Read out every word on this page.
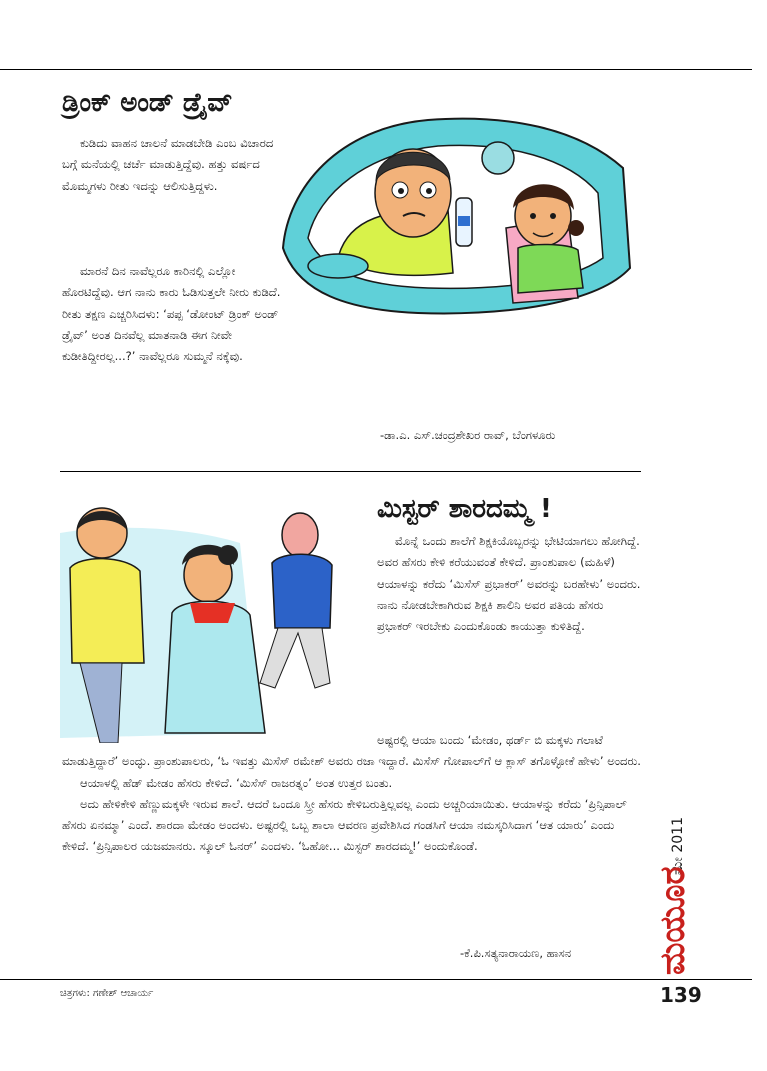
ಡ್ರಿಂಕ್ ಅಂಡ್ ಡ್ರೈವ್

ಕುಡಿದು ವಾಹನ ಚಾಲನೆ ಮಾಡಬೇಡಿ ಎಂಬ ವಿಚಾರದ ಬಗ್ಗೆ ಮನೆಯಲ್ಲಿ ಚರ್ಚೆ ಮಾಡುತ್ತಿದ್ದೆವು. ಹತ್ತು ವರ್ಷದ ಮೊಮ್ಮಗಳು ರೀತು ಇದನ್ನು ಆಲಿಸುತ್ತಿದ್ದಳು.

ಮಾರನೆ ದಿನ ನಾವೆಲ್ಲರೂ ಕಾರಿನಲ್ಲಿ ಎಲ್ಲೋ ಹೊರಟಿದ್ದೆವು. ಆಗ ನಾನು ಕಾರು ಓಡಿಸುತ್ತಲೇ ನೀರು ಕುಡಿದೆ. ರೀತು ತಕ್ಷಣ ಎಚ್ಚರಿಸಿದಳು: ‘ಪಪ್ಪ ‘ಡೋಂಟ್ ಡ್ರಿಂಕ್ ಅಂಡ್ ಡ್ರೈವ್’ ಅಂತ ದಿನವೆಲ್ಲ ಮಾತನಾಡಿ ಈಗ ನೀವೇ ಕುಡೀತಿದ್ದೀರಲ್ಲ...?’ ನಾವೆಲ್ಲರೂ ಸುಮ್ಮನೆ ನಕ್ಕೆವು.

-ಡಾ.ಎ. ಎಸ್.ಚಂದ್ರಶೇಖರ ರಾವ್, ಬೆಂಗಳೂರು
ಮಿಸ್ಟರ್ ಶಾರದಮ್ಮ !

ಮೊನ್ನೆ ಒಂದು ಶಾಲೆಗೆ ಶಿಕ್ಷಕಿಯೊಬ್ಬರನ್ನು ಭೇಟಿಯಾಗಲು ಹೋಗಿದ್ದೆ. ಅವರ ಹೆಸರು ಕೇಳಿ ಕರೆಯುವಂತೆ ಕೇಳಿದೆ. ಪ್ರಾಂಶುಪಾಲ (ಮಹಿಳೆ) ಆಯಾಳನ್ನು ಕರೆದು ‘ಮಿಸೆಸ್ ಪ್ರಭಾಕರ್’ ಅವರನ್ನು ಬರಹೇಳು’ ಅಂದರು. ನಾನು ನೋಡಬೇಕಾಗಿರುವ ಶಿಕ್ಷಕಿ ಶಾಲಿನಿ ಅವರ ಪತಿಯ ಹೆಸರು ಪ್ರಭಾಕರ್ ಇರಬೇಕು ಎಂದುಕೊಂಡು ಕಾಯುತ್ತಾ ಕುಳಿತಿದ್ದೆ.

ಅಷ್ಟರಲ್ಲಿ ಆಯಾ ಬಂದು ‘ಮೇಡಂ, ಥರ್ಡ್ ಬಿ ಮಕ್ಕಳು ಗಲಾಟೆ ಮಾಡುತ್ತಿದ್ದಾರೆ’ ಅಂದ್ಳು. ಪ್ರಾಂಶುಪಾಲರು, ‘ಓ ಇವತ್ತು ಮಿಸೆಸ್ ರಮೇಶ್ ಅವರು ರಜಾ ಇದ್ದಾರೆ. ಮಿಸೆಸ್ ಗೋಪಾಲ್‌ಗೆ ಆ ಕ್ಲಾಸ್ ತಗೊಳ್ಳೋಕೆ ಹೇಳು’ ಅಂದರು.

ಆಯಾಳಲ್ಲಿ ಹೆಡ್ ಮೇಡಂ ಹೆಸರು ಕೇಳಿದೆ. ‘ಮಿಸೆಸ್ ರಾಜರತ್ನಂ’ ಅಂತ ಉತ್ತರ ಬಂತು.

ಅದು ಹೇಳಿಕೇಳಿ ಹೆಣ್ಣುಮಕ್ಕಳೇ ಇರುವ ಶಾಲೆ. ಆದರೆ ಒಂದೂ ಸ್ತ್ರೀ ಹೆಸರು ಕೇಳಿಬರುತ್ತಿಲ್ಲವಲ್ಲ ಎಂದು ಅಚ್ಚರಿಯಾಯಿತು. ಆಯಾಳನ್ನು ಕರೆದು ‘ಪ್ರಿನ್ಸಿಪಾಲ್ ಹೆಸರು ಏನಮ್ಮಾ’ ಎಂದೆ. ಶಾರದಾ ಮೇಡಂ ಅಂದಳು. ಅಷ್ಟರಲ್ಲಿ ಒಬ್ಬ ಶಾಲಾ ಆವರಣ ಪ್ರವೇಶಿಸಿದ ಗಂಡಸಿಗೆ ಆಯಾ ನಮಸ್ಕರಿಸಿದಾಗ ‘ಆತ ಯಾರು’ ಎಂದು ಕೇಳಿದೆ. ‘ಪ್ರಿನ್ಸಿಪಾಲರ ಯಜಮಾನರು. ಸ್ಕೂಲ್ ಓನರ್’ ಎಂದಳು. ‘ಓಹೋ... ಮಿಸ್ಟರ್ ಶಾರದಮ್ಮ!’ ಅಂದುಕೊಂಡೆ.

-ಕೆ.ಪಿ.ಸತ್ಯನಾರಾಯಣ, ಹಾಸನ
ಮೇ 2011
ಮಯೂರ
ಚಿತ್ರಗಳು: ಗಣೇಶ್ ಆಚಾರ್ಯ	139
